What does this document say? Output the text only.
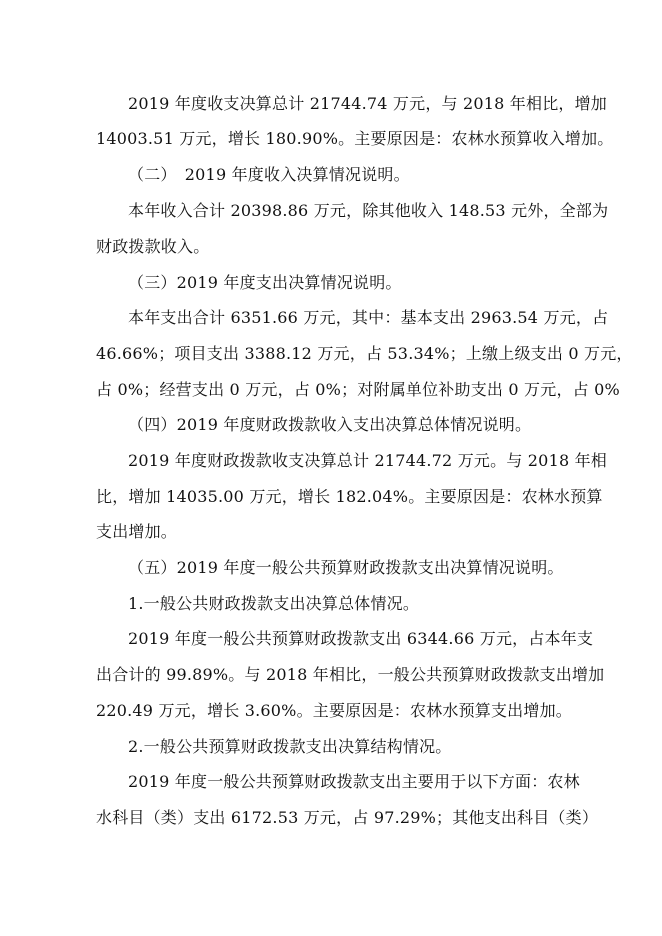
2019 年度收支决算总计 21744.74 万元，与 2018 年相比，增加
14003.51 万元，增长 180.90%。主要原因是：农林水预算收入增加。
（二）　2019 年度收入决算情况说明。
本年收入合计 20398.86 万元，除其他收入 148.53 元外，全部为
财政拨款收入。
（三）2019 年度支出决算情况说明。
本年支出合计 6351.66 万元，其中：基本支出 2963.54 万元，占
46.66%；项目支出 3388.12 万元，占 53.34%；上缴上级支出 0 万元，
占 0%；经营支出 0 万元，占 0%；对附属单位补助支出 0 万元，占 0%
（四）2019 年度财政拨款收入支出决算总体情况说明。
2019 年度财政拨款收支决算总计 21744.72 万元。与 2018 年相
比，增加 14035.00 万元，增长 182.04%。主要原因是：农林水预算
支出增加。
（五）2019 年度一般公共预算财政拨款支出决算情况说明。
1.一般公共财政拨款支出决算总体情况。
2019 年度一般公共预算财政拨款支出 6344.66 万元，占本年支
出合计的 99.89%。与 2018 年相比，一般公共预算财政拨款支出增加
220.49 万元，增长 3.60%。主要原因是：农林水预算支出增加。
2.一般公共预算财政拨款支出决算结构情况。
2019 年度一般公共预算财政拨款支出主要用于以下方面：农林
水科目（类）支出 6172.53 万元，占 97.29%；其他支出科目（类）
